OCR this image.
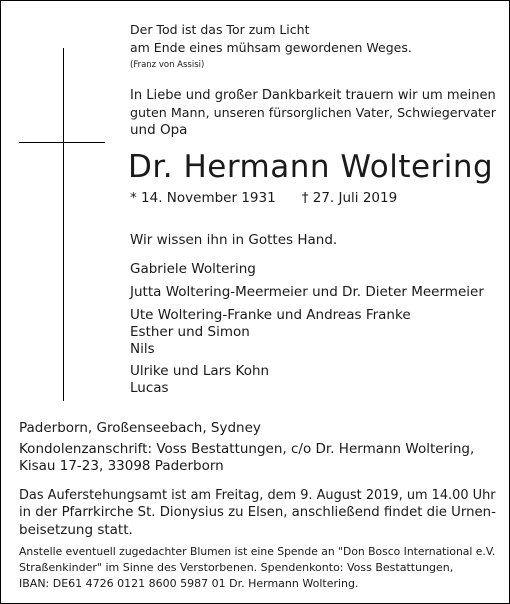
Der Tod ist das Tor zum Licht
am Ende eines mühsam gewordenen Weges.
(Franz von Assisi)
In Liebe und großer Dankbarkeit trauern wir um meinen
guten Mann, unseren fürsorglichen Vater, Schwiegervater
und Opa
Dr. Hermann Woltering
* 14. November 1931 † 27. Juli 2019
Wir wissen ihn in Gottes Hand.
Gabriele Woltering
Jutta Woltering-Meermeier und Dr. Dieter Meermeier
Ute Woltering-Franke und Andreas Franke
Esther und Simon
Nils
Ulrike und Lars Kohn
Lucas
Paderborn, Großenseebach, Sydney
Kondolenzanschrift: Voss Bestattungen, c/o Dr. Hermann Woltering,
Kisau 17-23, 33098 Paderborn
Das Auferstehungsamt ist am Freitag, dem 9. August 2019, um 14.00 Uhr
in der Pfarrkirche St. Dionysius zu Elsen, anschließend findet die Urnen-
beisetzung statt.
Anstelle eventuell zugedachter Blumen ist eine Spende an "Don Bosco International e.V.
Straßenkinder" im Sinne des Verstorbenen. Spendenkonto: Voss Bestattungen,
IBAN: DE61 4726 0121 8600 5987 01 Dr. Hermann Woltering.
